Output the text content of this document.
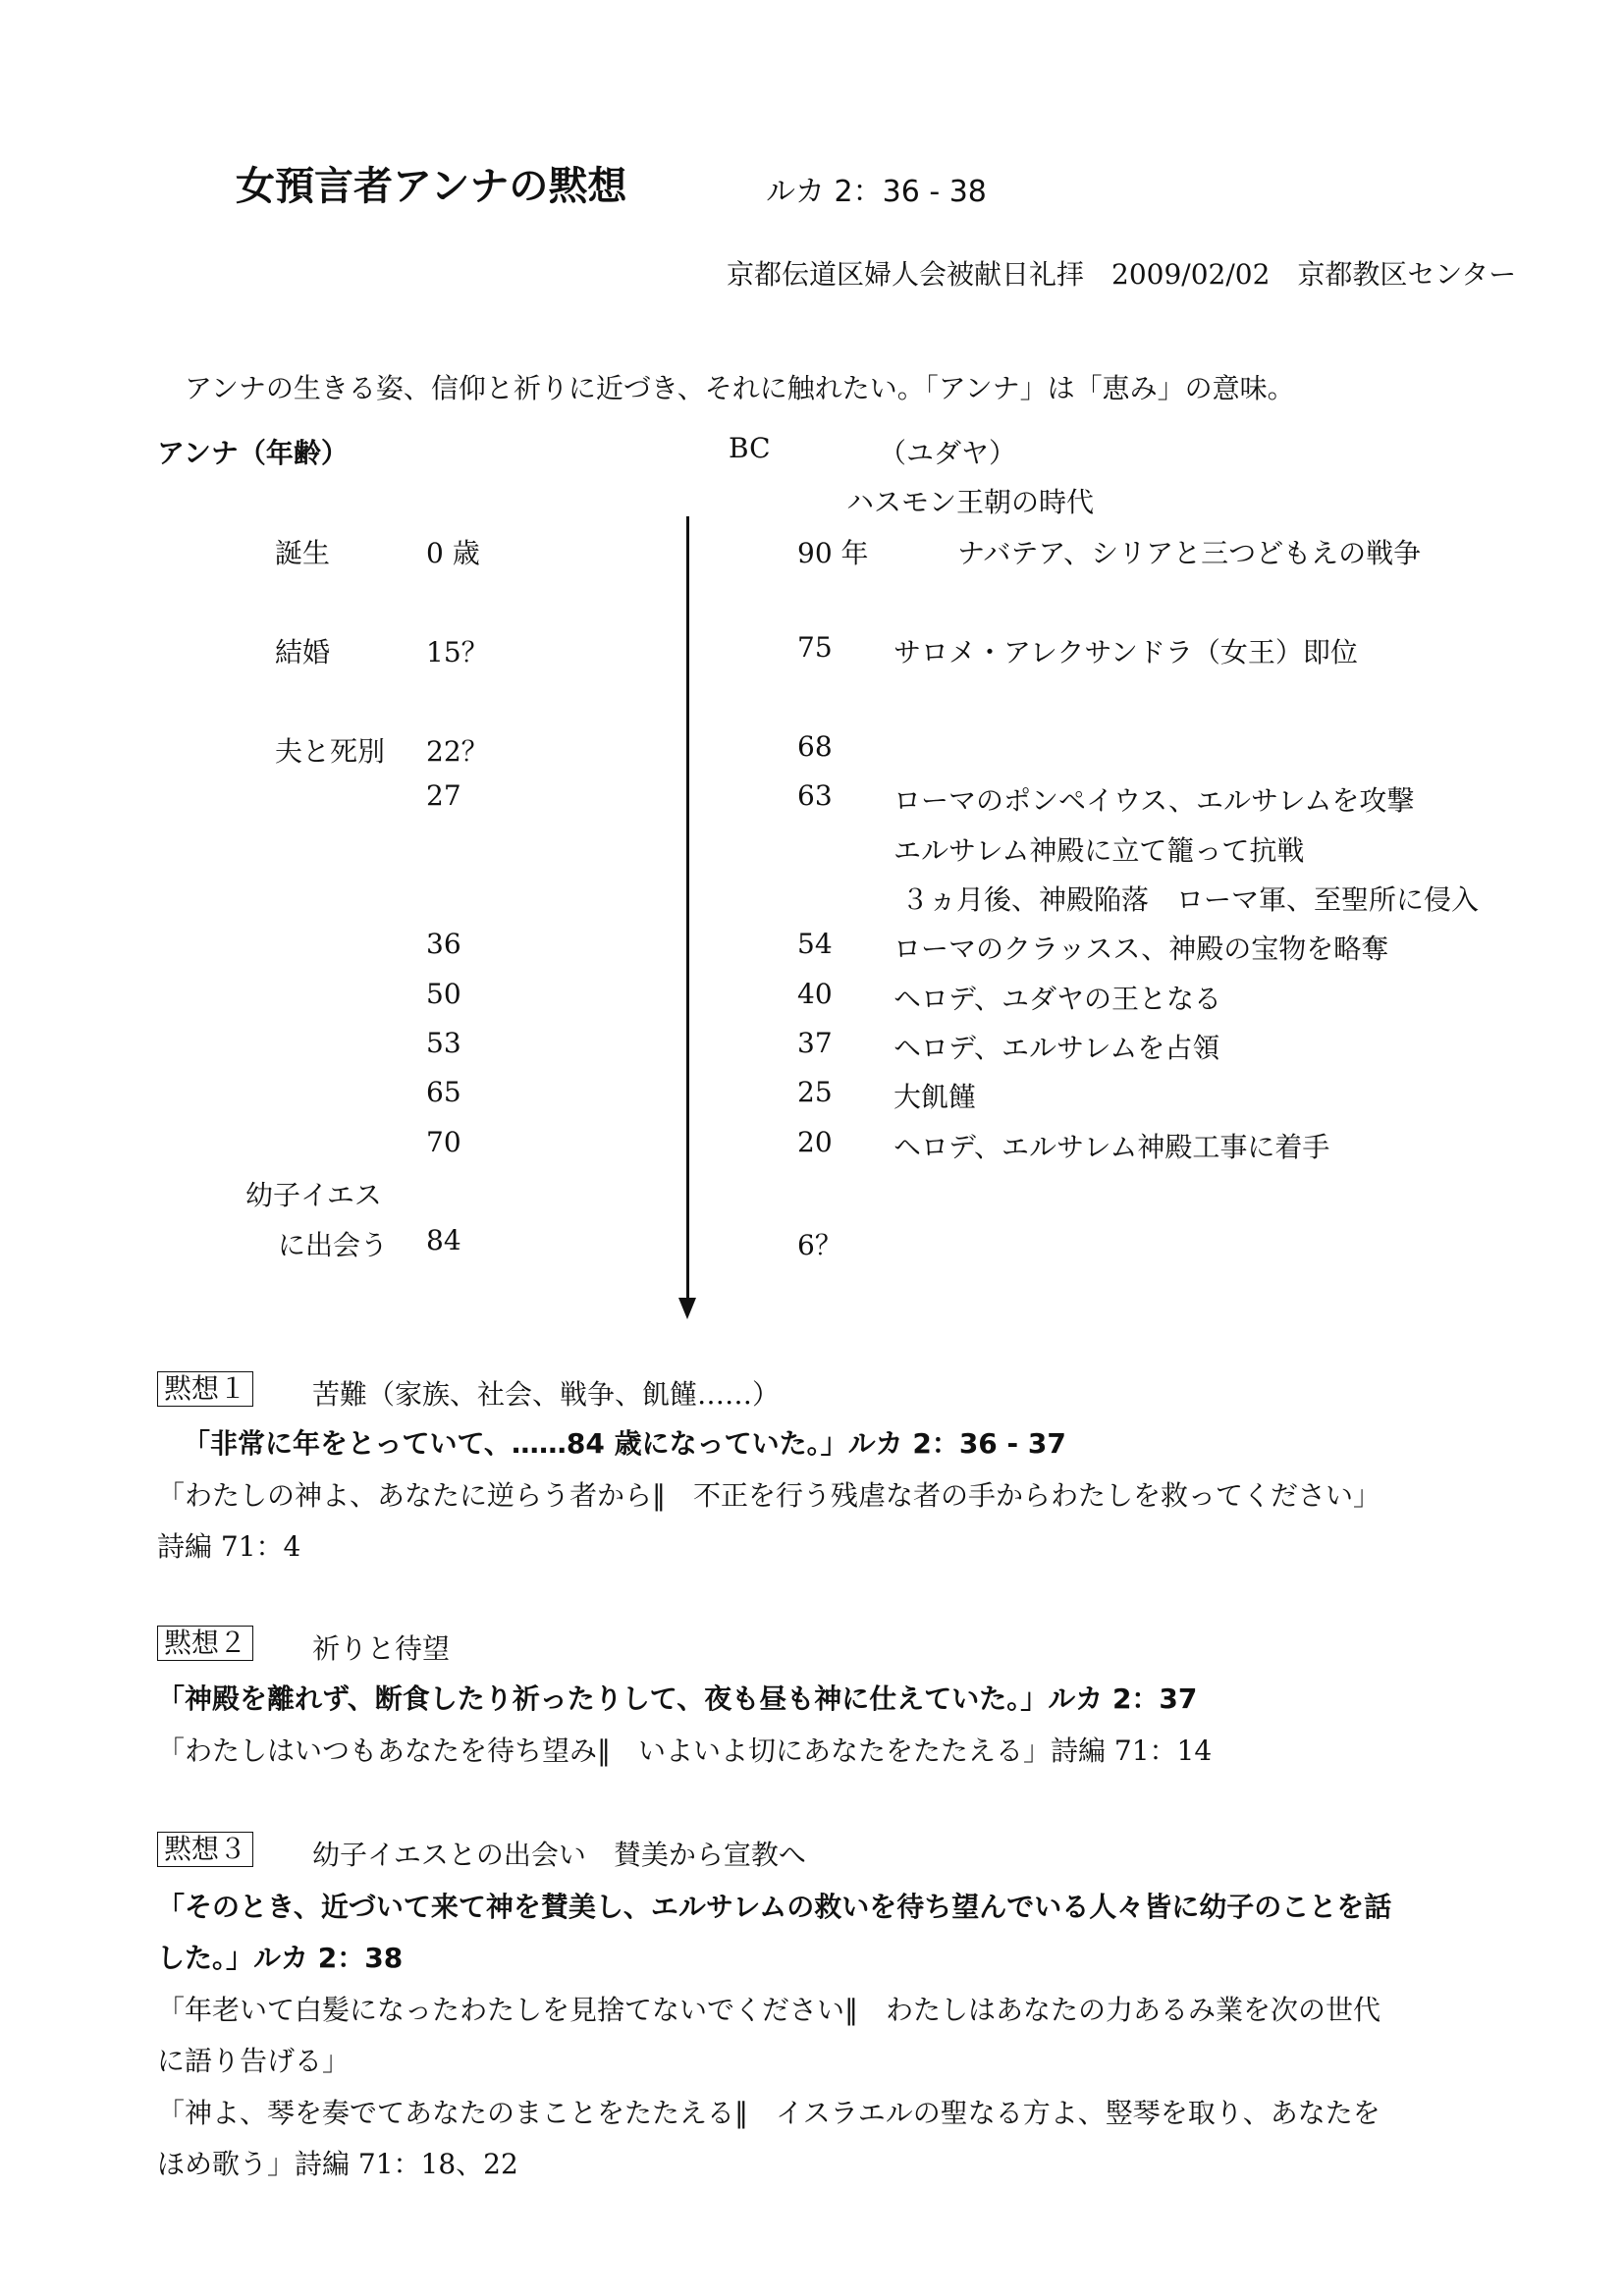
女預言者アンナの黙想	ルカ 2：36 - 38
京都伝道区婦人会被献日礼拝　2009/02/02　京都教区センター
アンナの生きる姿、信仰と祈りに近づき、それに触れたい。「アンナ」は「恵み」の意味。
アンナ（年齢）	BC	（ユダヤ）
ハスモン王朝の時代
誕生	0 歳	90 年	ナバテア、シリアと三つどもえの戦争
結婚	15？	75 サロメ・アレクサンドラ（女王）即位
夫と死別 22？	68
27	63 ローマのポンペイウス、エルサレムを攻撃
エルサレム神殿に立て籠って抗戦
３ヵ月後、神殿陥落　ローマ軍、至聖所に侵入
36	54 ローマのクラッスス、神殿の宝物を略奪
50	40 ヘロデ、ユダヤの王となる
53	37 ヘロデ、エルサレムを占領
65	25 大飢饉
70	20 ヘロデ、エルサレム神殿工事に着手
幼子イエス
に出会う 84	6？
黙想１ 苦難（家族、社会、戦争、飢饉……）
「非常に年をとっていて、……84 歳になっていた。」ルカ 2：36 - 37
「わたしの神よ、あなたに逆らう者から‖　不正を行う残虐な者の手からわたしを救ってください」
詩編 71：4
黙想２ 祈りと待望
「神殿を離れず、断食したり祈ったりして、夜も昼も神に仕えていた。」ルカ 2：37
「わたしはいつもあなたを待ち望み‖　いよいよ切にあなたをたたえる」詩編 71：14
黙想３ 幼子イエスとの出会い　賛美から宣教へ
「そのとき、近づいて来て神を賛美し、エルサレムの救いを待ち望んでいる人々皆に幼子のことを話
した。」ルカ 2：38
「年老いて白髪になったわたしを見捨てないでください‖　わたしはあなたの力あるみ業を次の世代
に語り告げる」
「神よ、琴を奏でてあなたのまことをたたえる‖　イスラエルの聖なる方よ、竪琴を取り、あなたを
ほめ歌う」詩編 71：18、22
